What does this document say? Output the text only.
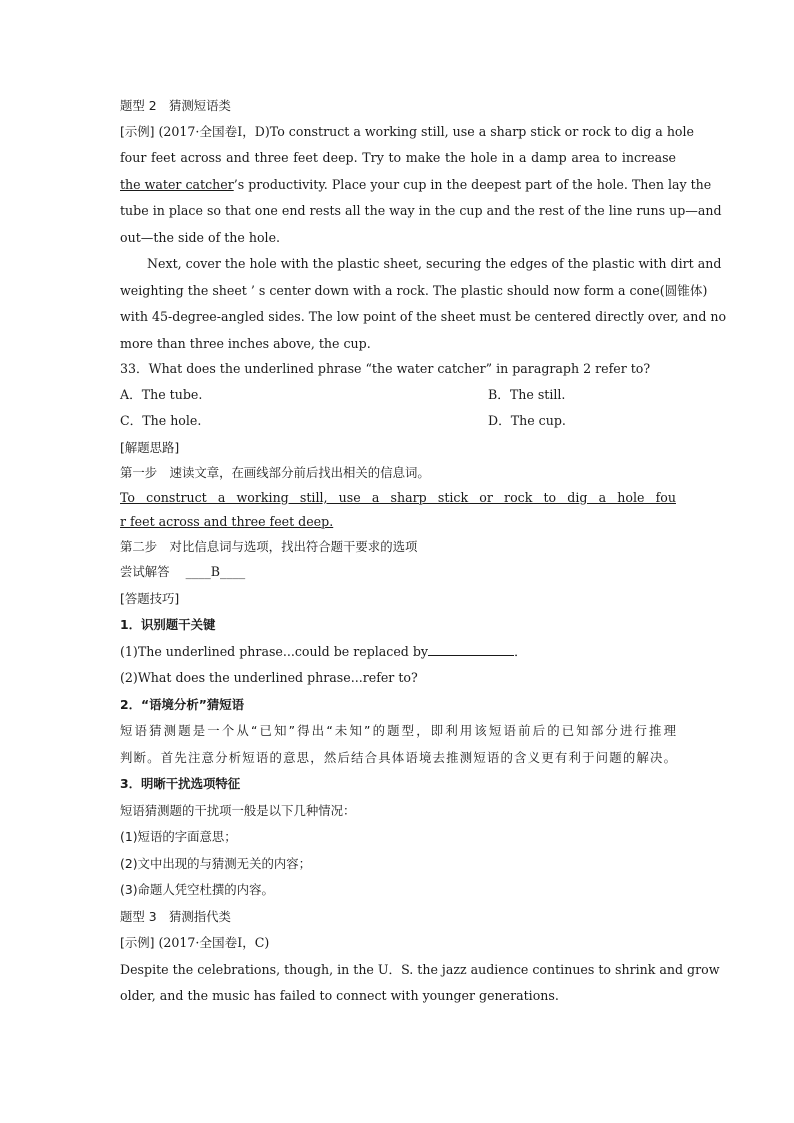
题型 2　猜测短语类
[示例] (2017·全国卷Ⅰ，D)To construct a working still, use a sharp stick or rock to dig a hole
four feet across and three feet deep. Try to make the hole in a damp area to increase
the water catcher’s productivity. Place your cup in the deepest part of the hole. Then lay the
tube in place so that one end rests all the way in the cup and the rest of the line runs up—and
out—the side of the hole.
Next, cover the hole with the plastic sheet, securing the edges of the plastic with dirt and
weighting the sheet ’ s center down with a rock. The plastic should now form a cone(圆锥体)
with 45-degree-angled sides. The low point of the sheet must be centered directly over, and no
more than three inches above, the cup.
33．What does the underlined phrase “the water catcher” in paragraph 2 refer to?
A．The tube.	B．The still.
C．The hole.	D．The cup.
[解题思路]
第一步　速读文章，在画线部分前后找出相关的信息词。
To construct a working still, use a sharp stick or rock to dig a hole fou
r feet across and three feet deep.
第二步　对比信息词与选项，找出符合题干要求的选项
尝试解答 ____B____
[答题技巧]
1．识别题干关键
(1)The underlined phrase...could be replaced by	．
(2)What does the underlined phrase...refer to?
2．“语境分析”猜短语
短语猜测题是一个从“已知”得出“未知”的题型，即利用该短语前后的已知部分进行推理
判断。首先注意分析短语的意思，然后结合具体语境去推测短语的含义更有利于问题的解决。
3．明晰干扰选项特征
短语猜测题的干扰项一般是以下几种情况：
(1)短语的字面意思；
(2)文中出现的与猜测无关的内容；
(3)命题人凭空杜撰的内容。
题型 3　猜测指代类
[示例] (2017·全国卷Ⅰ，C)
Despite the celebrations, though, in the U．S. the jazz audience continues to shrink and grow
older, and the music has failed to connect with younger generations.
